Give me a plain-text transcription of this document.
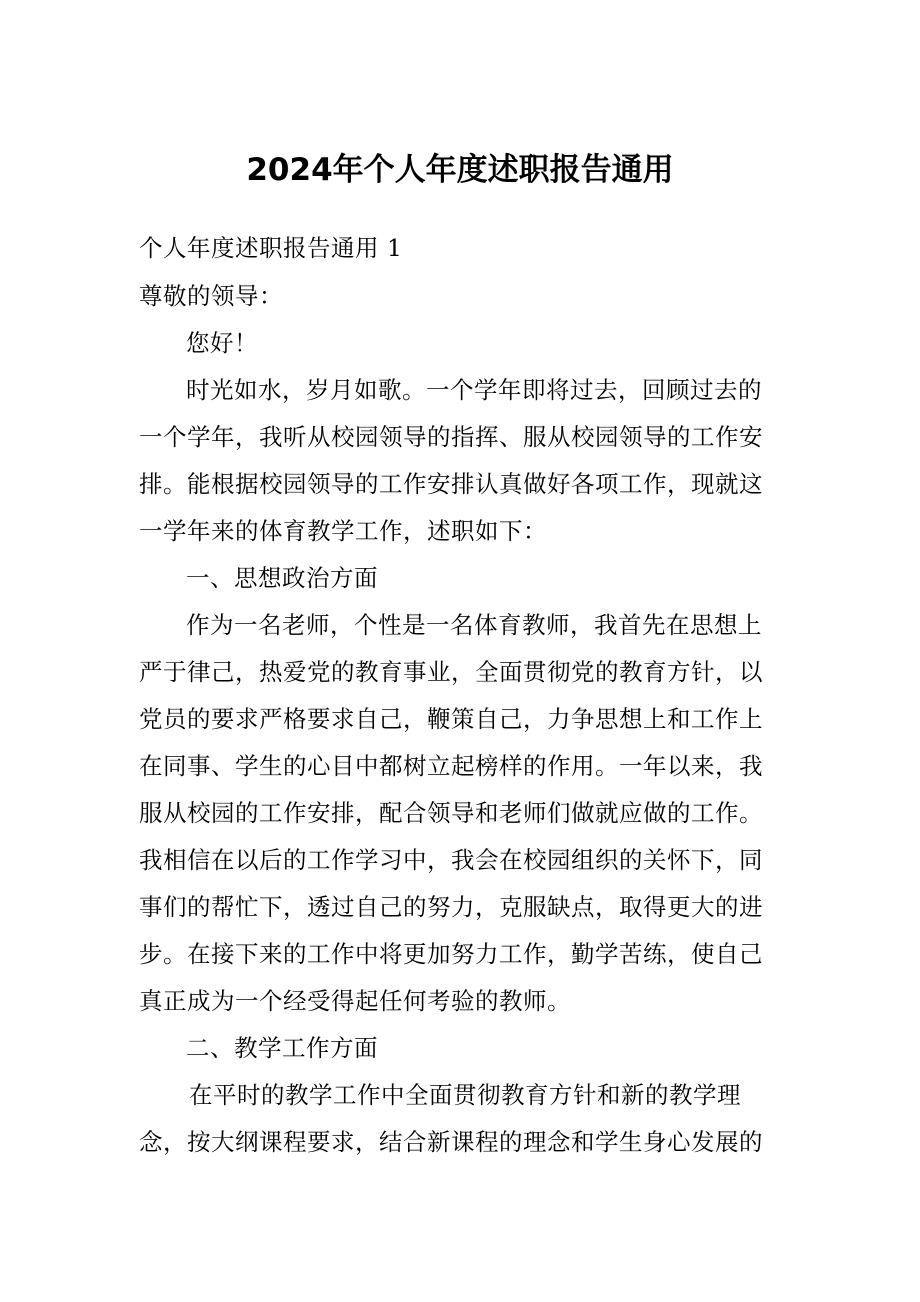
2024年个人年度述职报告通用
个人年度述职报告通用 1
尊敬的领导：
您好！
时光如水，岁月如歌。一个学年即将过去，回顾过去的
一个学年，我听从校园领导的指挥、服从校园领导的工作安
排。能根据校园领导的工作安排认真做好各项工作，现就这
一学年来的体育教学工作，述职如下：
一、思想政治方面
作为一名老师，个性是一名体育教师，我首先在思想上
严于律己，热爱党的教育事业，全面贯彻党的教育方针，以
党员的要求严格要求自己，鞭策自己，力争思想上和工作上
在同事、学生的心目中都树立起榜样的作用。一年以来，我
服从校园的工作安排，配合领导和老师们做就应做的工作。
我相信在以后的工作学习中，我会在校园组织的关怀下，同
事们的帮忙下，透过自己的努力，克服缺点，取得更大的进
步。在接下来的工作中将更加努力工作，勤学苦练，使自己
真正成为一个经受得起任何考验的教师。
二、教学工作方面
在平时的教学工作中全面贯彻教育方针和新的教学理
念，按大纲课程要求，结合新课程的理念和学生身心发展的
